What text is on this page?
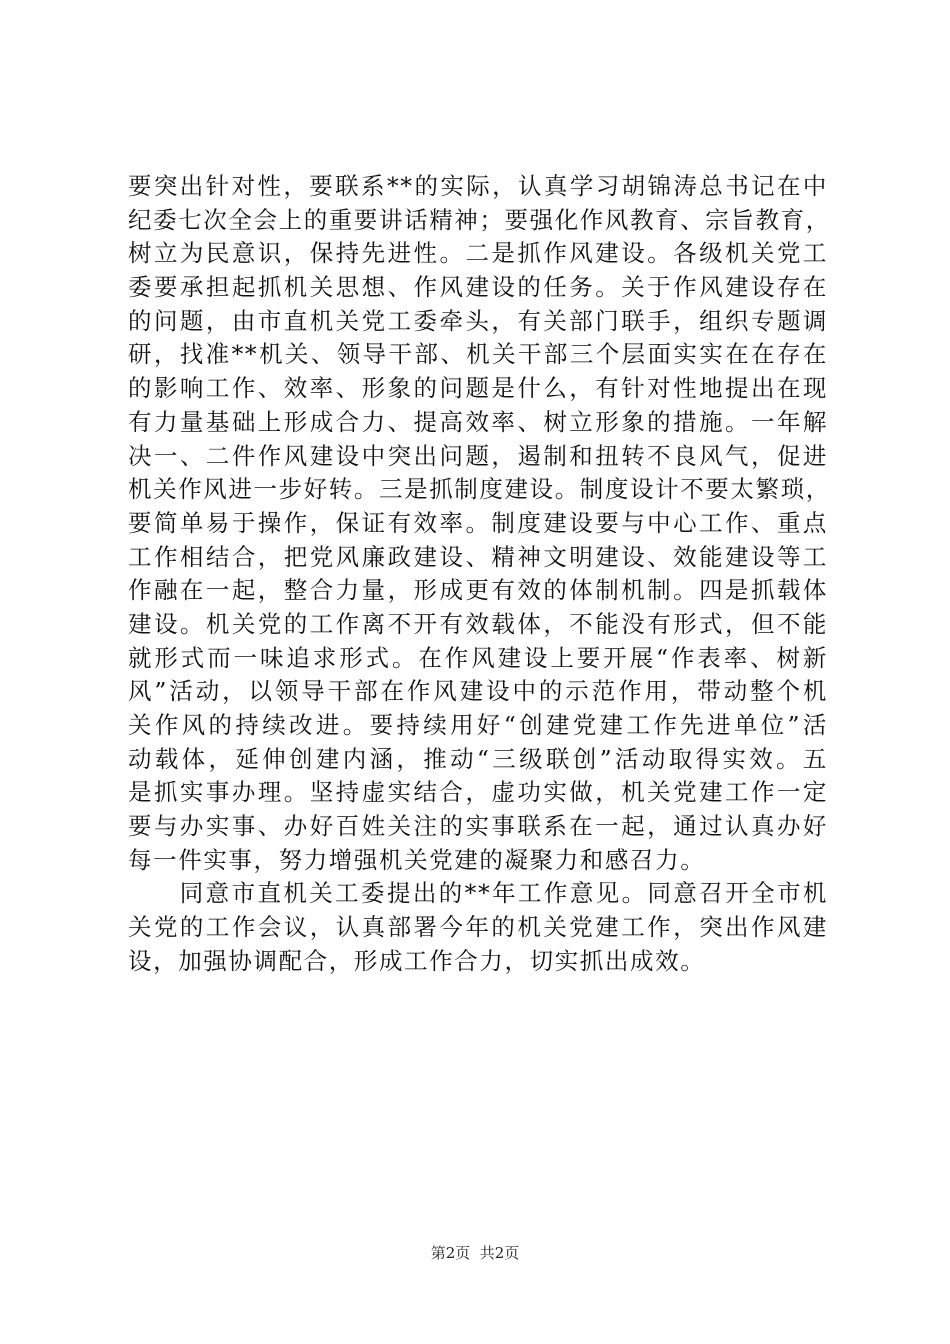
要突出针对性，要联系**的实际，认真学习胡锦涛总书记在中
纪委七次全会上的重要讲话精神；要强化作风教育、宗旨教育，
树立为民意识，保持先进性。二是抓作风建设。各级机关党工
委要承担起抓机关思想、作风建设的任务。关于作风建设存在
的问题，由市直机关党工委牵头，有关部门联手，组织专题调
研，找准**机关、领导干部、机关干部三个层面实实在在存在
的影响工作、效率、形象的问题是什么，有针对性地提出在现
有力量基础上形成合力、提高效率、树立形象的措施。一年解
决一、二件作风建设中突出问题，遏制和扭转不良风气，促进
机关作风进一步好转。三是抓制度建设。制度设计不要太繁琐，
要简单易于操作，保证有效率。制度建设要与中心工作、重点
工作相结合，把党风廉政建设、精神文明建设、效能建设等工
作融在一起，整合力量，形成更有效的体制机制。四是抓载体
建设。机关党的工作离不开有效载体，不能没有形式，但不能
就形式而一味追求形式。在作风建设上要开展“作表率、树新
风”活动，以领导干部在作风建设中的示范作用，带动整个机
关作风的持续改进。要持续用好“创建党建工作先进单位”活
动载体，延伸创建内涵，推动“三级联创”活动取得实效。五
是抓实事办理。坚持虚实结合，虚功实做，机关党建工作一定
要与办实事、办好百姓关注的实事联系在一起，通过认真办好
每一件实事，努力增强机关党建的凝聚力和感召力。
　　同意市直机关工委提出的**年工作意见。同意召开全市机
关党的工作会议，认真部署今年的机关党建工作，突出作风建
设，加强协调配合，形成工作合力，切实抓出成效。
第2页  共2页
